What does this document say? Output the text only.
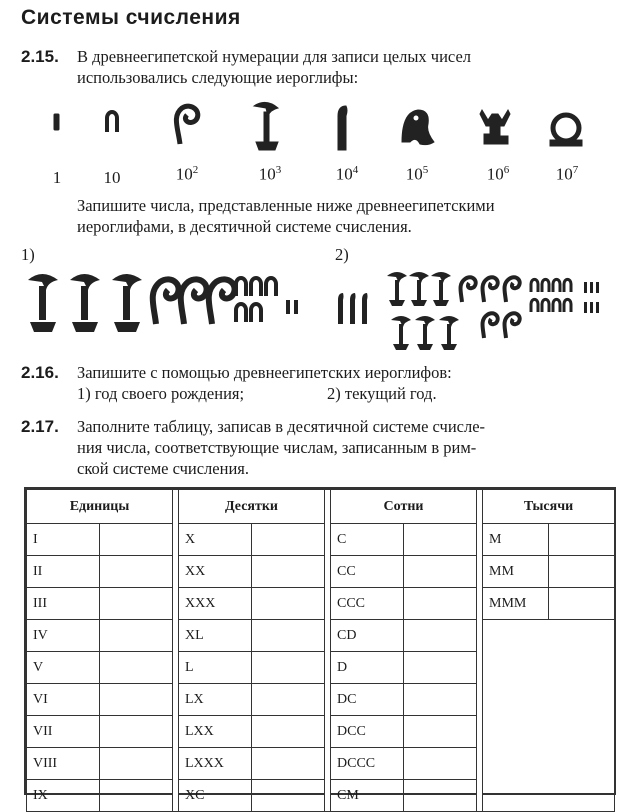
Системы счисления
2.15. В древнеегипетской нумерации для записи целых чисел
использовались следующие иероглифы:
1	10	$10^2$	$10^3$	$10^4$	$10^5$	$10^6$	$10^7$
Запишите числа, представленные ниже древнеегипетскими
иероглифами, в десятичной системе счисления.
1)	2)
2.16. Запишите с помощью древнеегипетских иероглифов:
1) год своего рождения;	2) текущий год.
2.17. Заполните таблицу, записав в десятичной системе счисле-
ния числа, соответствующие числам, записанным в рим-
ской системе счисления.
Единицы			Десятки			Сотни			Тысячи	
I			X			C			M	
II			XX			CC			MM	
III			XXX			CCC			MMM	
IV			XL			CD				
V			L			D				
VI			LX			DC				
VII			LXX			DCC				
VIII			LXXX			DCCC				
IX			XC			CM				
